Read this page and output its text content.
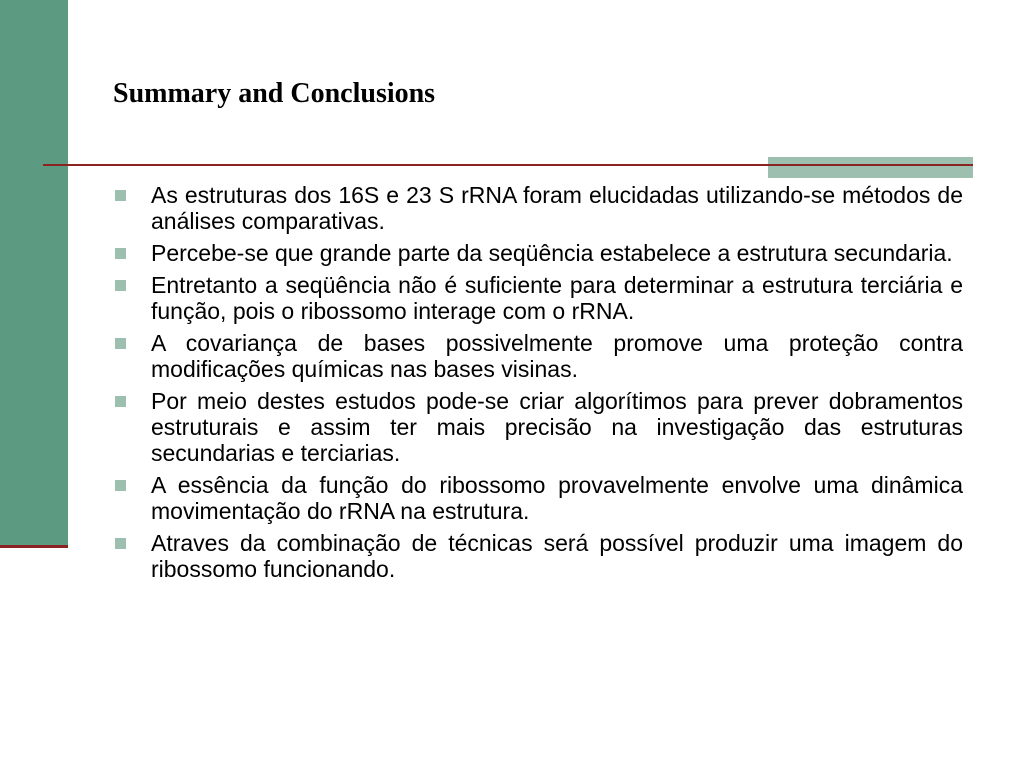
Summary and Conclusions
As estruturas dos 16S e 23 S rRNA foram elucidadas utilizando-se métodos de análises comparativas.
Percebe-se que grande parte da seqüência estabelece a estrutura secundaria.
Entretanto a seqüência não é suficiente para determinar a estrutura terciária e função, pois o ribossomo interage com o rRNA.
A covariança de bases possivelmente promove uma proteção contra modificações químicas nas bases visinas.
Por meio destes estudos pode-se criar algorítimos para prever dobramentos estruturais e assim ter mais precisão na investigação das estruturas secundarias e terciarias.
A essência da função do ribossomo provavelmente envolve uma dinâmica movimentação do rRNA na estrutura.
Atraves da combinação de técnicas será possível produzir uma imagem do ribossomo funcionando.
